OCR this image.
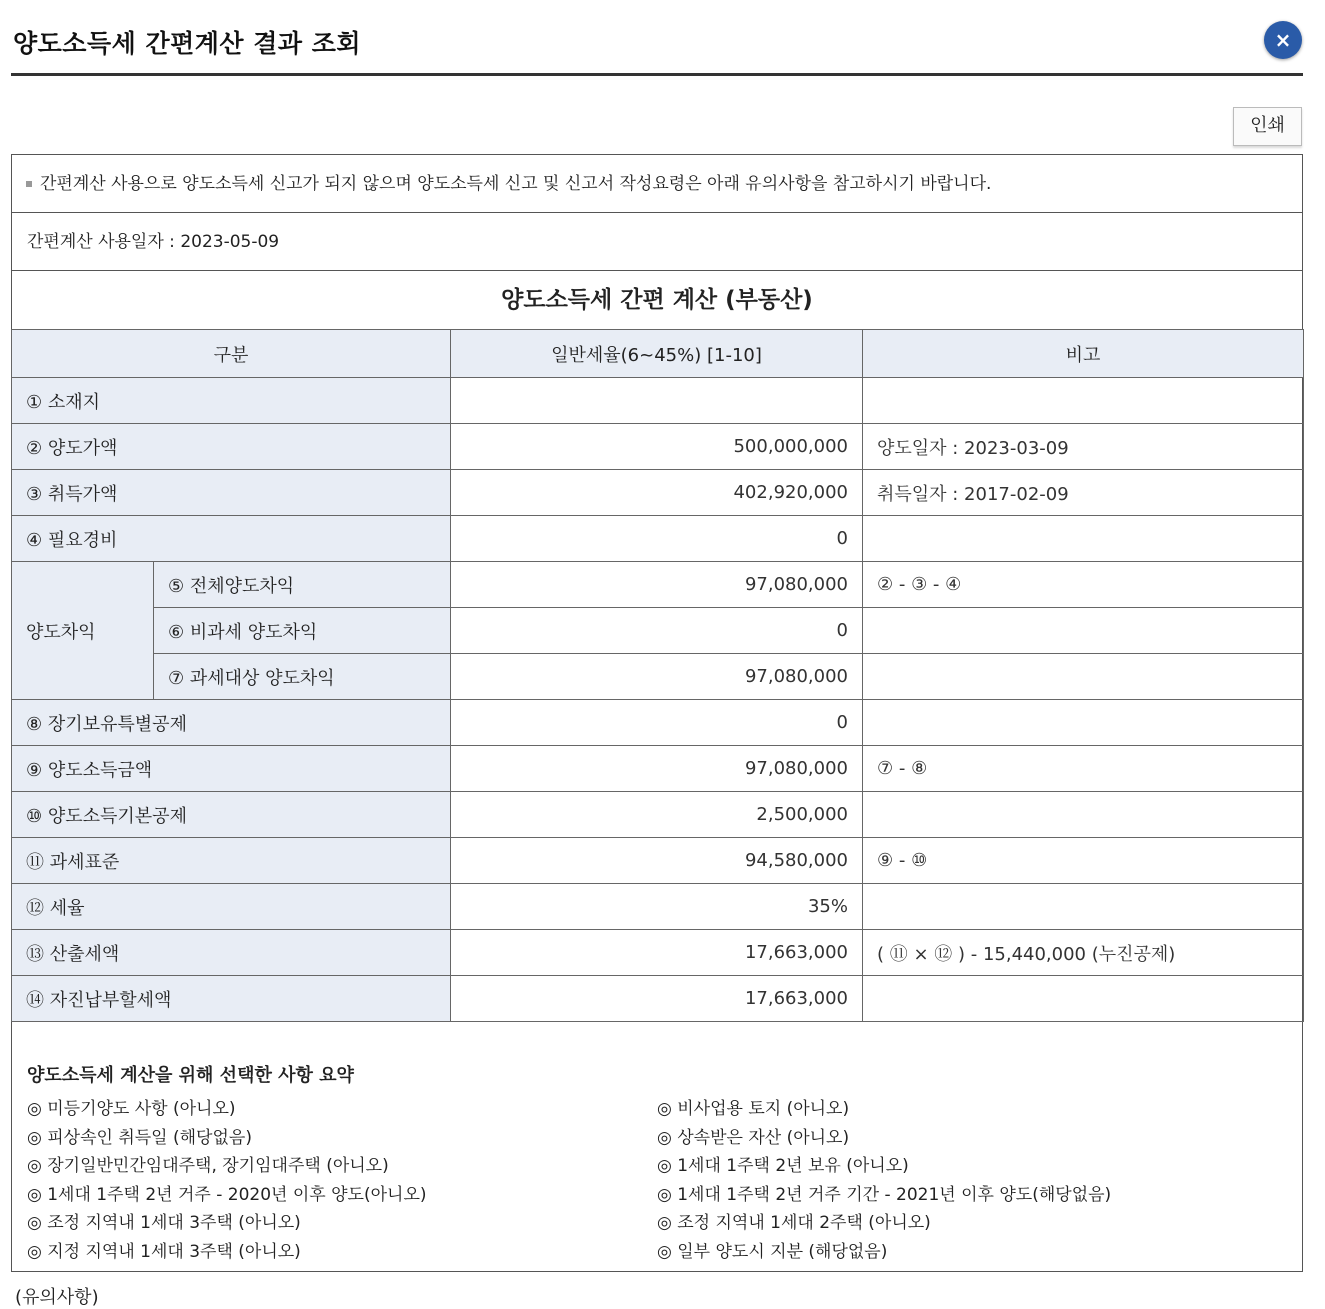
양도소득세 간편계산 결과 조회	×
인쇄
간편계산 사용으로 양도소득세 신고가 되지 않으며 양도소득세 신고 및 신고서 작성요령은 아래 유의사항을 참고하시기 바랍니다.
간편계산 사용일자 : 2023-05-09
양도소득세 간편 계산 (부동산)
구분		일반세율(6~45%) [1-10]	비고
① 소재지			
② 양도가액		500,000,000	양도일자 : 2023-03-09
③ 취득가액		402,920,000	취득일자 : 2017-02-09
④ 필요경비		0	
양도차익	⑤ 전체양도차익	97,080,000	② - ③ - ④
	⑥ 비과세 양도차익	0	
	⑦ 과세대상 양도차익	97,080,000	
⑧ 장기보유특별공제		0	
⑨ 양도소득금액		97,080,000	⑦ - ⑧
⑩ 양도소득기본공제		2,500,000	
⑪ 과세표준		94,580,000	⑨ - ⑩
⑫ 세율		35%	
⑬ 산출세액		17,663,000	( ⑪ × ⑫ ) - 15,440,000 (누진공제)
⑭ 자진납부할세액		17,663,000	
양도소득세 계산을 위해 선택한 사항 요약
◎ 미등기양도 사항 (아니오)	◎ 비사업용 토지 (아니오)
◎ 피상속인 취득일 (해당없음)	◎ 상속받은 자산 (아니오)
◎ 장기일반민간임대주택, 장기임대주택 (아니오)	◎ 1세대 1주택 2년 보유 (아니오)
◎ 1세대 1주택 2년 거주 - 2020년 이후 양도(아니오)	◎ 1세대 1주택 2년 거주 기간 - 2021년 이후 양도(해당없음)
◎ 조정 지역내 1세대 3주택 (아니오)	◎ 조정 지역내 1세대 2주택 (아니오)
◎ 지정 지역내 1세대 3주택 (아니오)	◎ 일부 양도시 지분 (해당없음)
(유의사항)
